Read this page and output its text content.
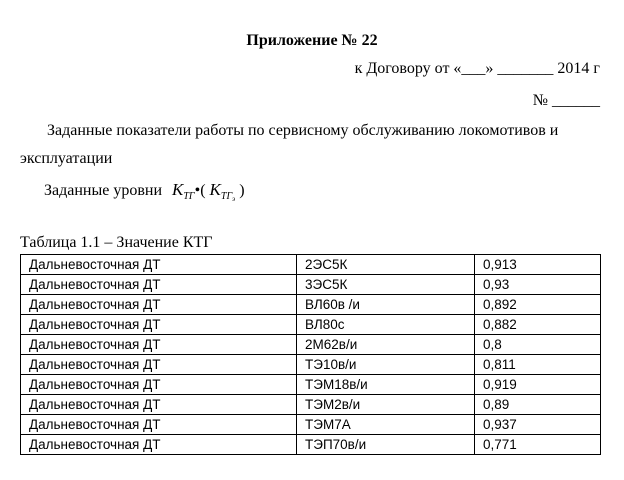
Приложение № 22
к Договору от «___» _______ 2014 г
№ ______
Заданные показатели работы по сервисному обслуживанию локомотивов и
эксплуатации
Заданные уровни $K_{TГ}•$( $K_{TГэ}$ )
Таблица 1.1 – Значение КТГ
Дальневосточная ДТ	2ЭС5К	0,913
Дальневосточная ДТ	3ЭС5К	0,93
Дальневосточная ДТ	ВЛ60в /и	0,892
Дальневосточная ДТ	ВЛ80с	0,882
Дальневосточная ДТ	2М62в/и	0,8
Дальневосточная ДТ	ТЭ10в/и	0,811
Дальневосточная ДТ	ТЭМ18в/и	0,919
Дальневосточная ДТ	ТЭМ2в/и	0,89
Дальневосточная ДТ	ТЭМ7А	0,937
Дальневосточная ДТ	ТЭП70в/и	0,771
